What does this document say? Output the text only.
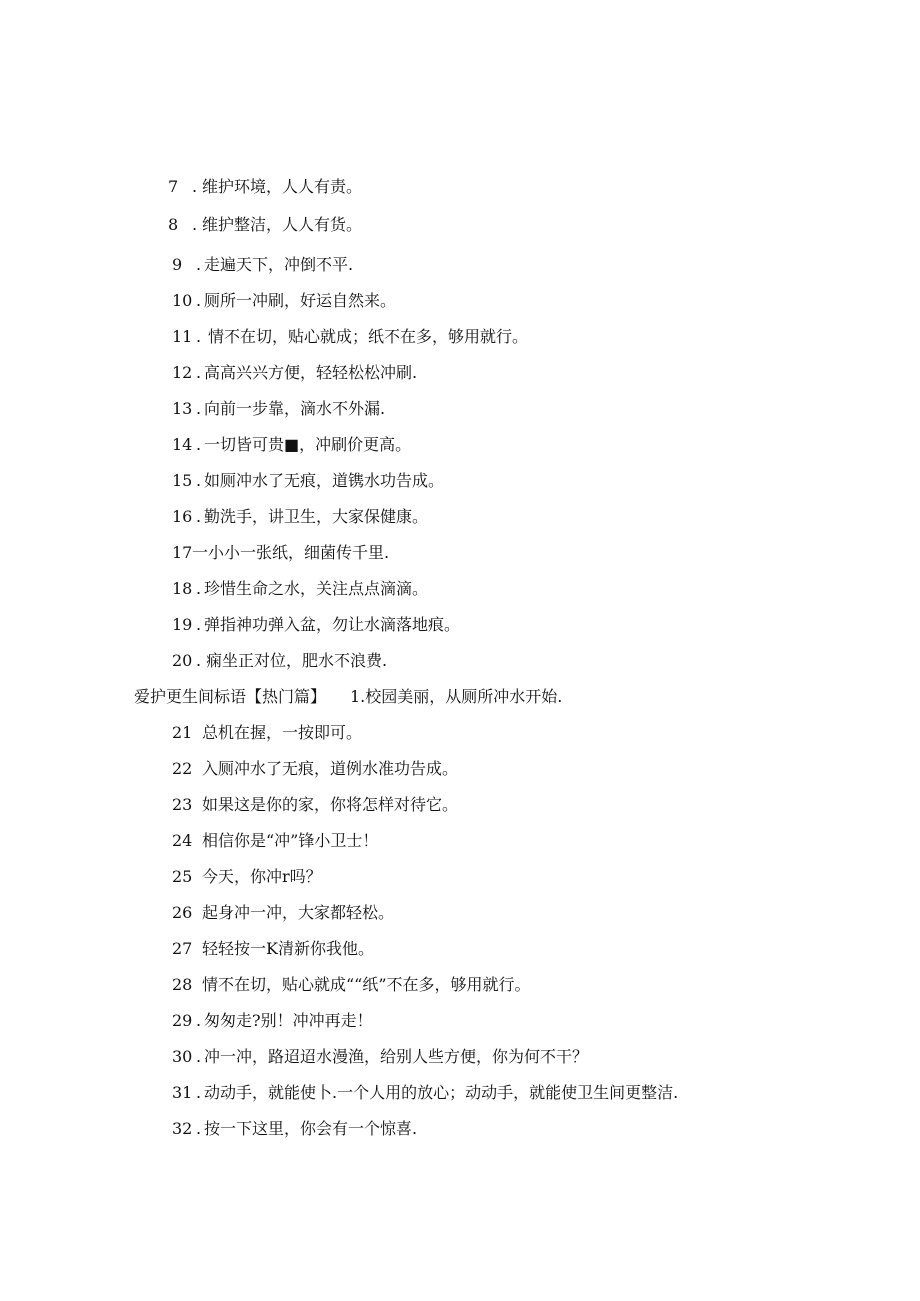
7 . 维护环境，人人有责。
8 . 维护整洁，人人有货。
9 . 走遍天下，冲倒不平.
10 . 厕所一冲刷，好运自然来。
11 . 情不在切，贴心就成；纸不在多，够用就行。
12 . 高高兴兴方便，轻轻松松冲刷.
13 . 向前一步靠，滴水不外漏.
14 . 一切皆可贵■，冲刷价更高。
15 . 如厕冲水了无痕，道镌水功告成。
16 . 勤洗手，讲卫生，大家保健康。
17一小小一张纸，细菌传千里.
18 . 珍惜生命之水，关注点点滴滴。
19 . 弹指神功弹入盆，勿让水滴落地痕。
20 . 痫坐正对位，肥水不浪费.
爱护更生间标语【热门篇】　　1.校园美丽，从厕所冲水开始.
21 总机在握，一按即可。
22 入厕冲水了无痕，道例水准功告成。
23 如果这是你的家，你将怎样对待它。
24 相信你是“冲”锋小卫士！
25 今天，你冲r吗？
26 起身冲一冲，大家都轻松。
27 轻轻按一K清新你我他。
28 情不在切，贴心就成““纸”不在多，够用就行。
29 . 匆匆走?别！冲冲再走！
30 . 冲一冲，路迢迢水漫渔，给别人些方便，你为何不干？
31 . 动动手，就能使卜.一个人用的放心；动动手，就能使卫生间更整洁.
32 . 按一下这里，你会有一个惊喜.
